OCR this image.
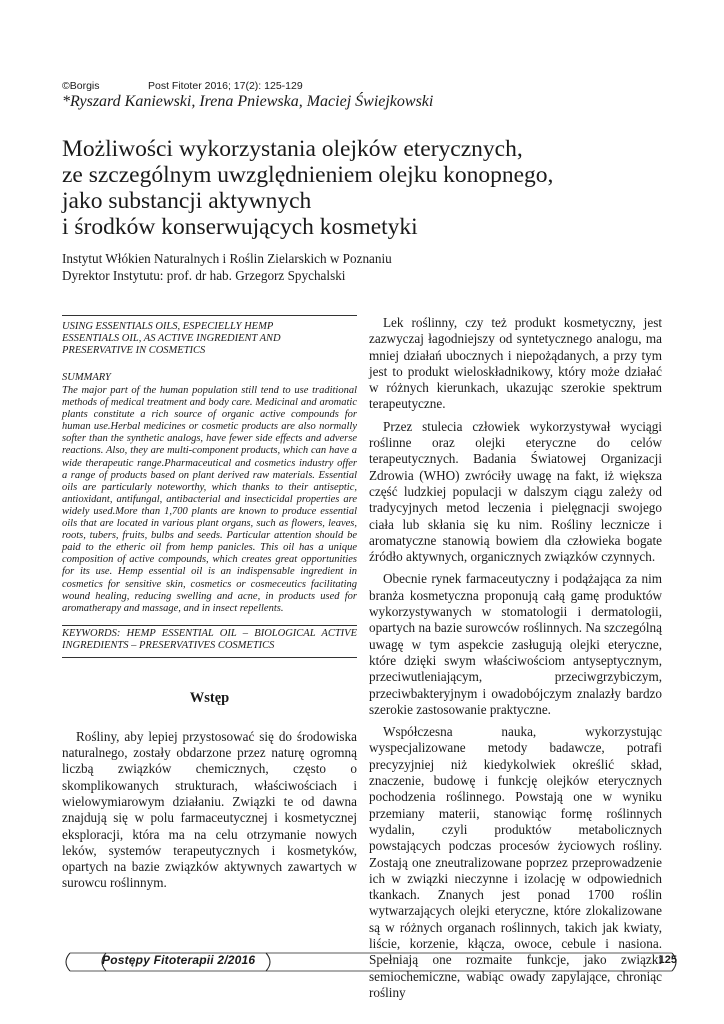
©Borgis	Post Fitoter 2016; 17(2): 125-129
*Ryszard Kaniewski, Irena Pniewska, Maciej Świejkowski
Możliwości wykorzystania olejków eterycznych,
ze szczególnym uwzględnieniem olejku konopnego,
jako substancji aktywnych
i środków konserwujących kosmetyki
Instytut Włókien Naturalnych i Roślin Zielarskich w Poznaniu
Dyrektor Instytutu: prof. dr hab. Grzegorz Spychalski
USING ESSENTIALS OILS, ESPECIELLY HEMP ESSENTIALS OIL, AS ACTIVE INGREDIENT AND PRESERVATIVE IN COSMETICS
SUMMARY
The major part of the human population still tend to use traditional methods of medical treatment and body care. Medicinal and aromatic plants constitute a rich source of organic active compounds for human use.Herbal medicines or cosmetic products are also normally softer than the synthetic analogs, have fewer side effects and adverse reactions. Also, they are multi-component products, which can have a wide therapeutic range.Pharmaceutical and cosmetics industry offer a range of products based on plant derived raw materials. Essential oils are particularly noteworthy, which thanks to their antiseptic, antioxidant, antifungal, antibacterial and insecticidal properties are widely used.More than 1,700 plants are known to produce essential oils that are located in various plant organs, such as flowers, leaves, roots, tubers, fruits, bulbs and seeds. Particular attention should be paid to the etheric oil from hemp panicles. This oil has a unique composition of active compounds, which creates great opportunities for its use. Hemp essential oil is an indispensable ingredient in cosmetics for sensitive skin, cosmetics or cosmeceutics facilitating wound healing, reducing swelling and acne, in products used for aromatherapy and massage, and in insect repellents.
KEYWORDS: HEMP ESSENTIAL OIL – BIOLOGICAL ACTIVE INGREDIENTS – PRESERVATIVES COSMETICS
Wstęp

Rośliny, aby lepiej przystosować się do środowiska naturalnego, zostały obdarzone przez naturę ogromną liczbą związków chemicznych, często o skomplikowanych strukturach, właściwościach i wielowymiarowym działaniu. Związki te od dawna znajdują się w polu farmaceutycznej i kosmetycznej eksploracji, która ma na celu otrzymanie nowych leków, systemów terapeutycznych i kosmetyków, opartych na bazie związków aktywnych zawartych w surowcu roślinnym.

Lek roślinny, czy też produkt kosmetyczny, jest zazwyczaj łagodniejszy od syntetycznego analogu, ma mniej działań ubocznych i niepożądanych, a przy tym jest to produkt wieloskładnikowy, który może działać w różnych kierunkach, ukazując szerokie spektrum terapeutyczne.

Przez stulecia człowiek wykorzystywał wyciągi roślinne oraz olejki eteryczne do celów terapeutycznych. Badania Światowej Organizacji Zdrowia (WHO) zwróciły uwagę na fakt, iż większa część ludzkiej populacji w dalszym ciągu zależy od tradycyjnych metod leczenia i pielęgnacji swojego ciała lub skłania się ku nim. Rośliny lecznicze i aromatyczne stanowią bowiem dla człowieka bogate źródło aktywnych, organicznych związków czynnych.

Obecnie rynek farmaceutyczny i podążająca za nim branża kosmetyczna proponują całą gamę produktów wykorzystywanych w stomatologii i dermatologii, opartych na bazie surowców roślinnych. Na szczególną uwagę w tym aspekcie zasługują olejki eteryczne, które dzięki swym właściwościom antyseptycznym, przeciwutleniającym, przeciwgrzybiczym, przeciwbakteryjnym i owadobójczym znalazły bardzo szerokie zastosowanie praktyczne.

Współczesna nauka, wykorzystując wyspecjalizowane metody badawcze, potrafi precyzyjniej niż kiedykolwiek określić skład, znaczenie, budowę i funkcję olejków eterycznych pochodzenia roślinnego. Powstają one w wyniku przemiany materii, stanowiąc formę roślinnych wydalin, czyli produktów metabolicznych powstających podczas procesów życiowych rośliny. Zostają one zneutralizowane poprzez przeprowadzenie ich w związki nieczynne i izolację w odpowiednich tkankach. Znanych jest ponad 1700 roślin wytwarzających olejki eteryczne, które zlokalizowane są w różnych organach roślinnych, takich jak kwiaty, liście, korzenie, kłącza, owoce, cebule i nasiona. Spełniają one rozmaite funkcje, jako związki semiochemiczne, wabiąc owady zapylające, chroniąc rośliny

Postępy Fitoterapii 2/2016	125
